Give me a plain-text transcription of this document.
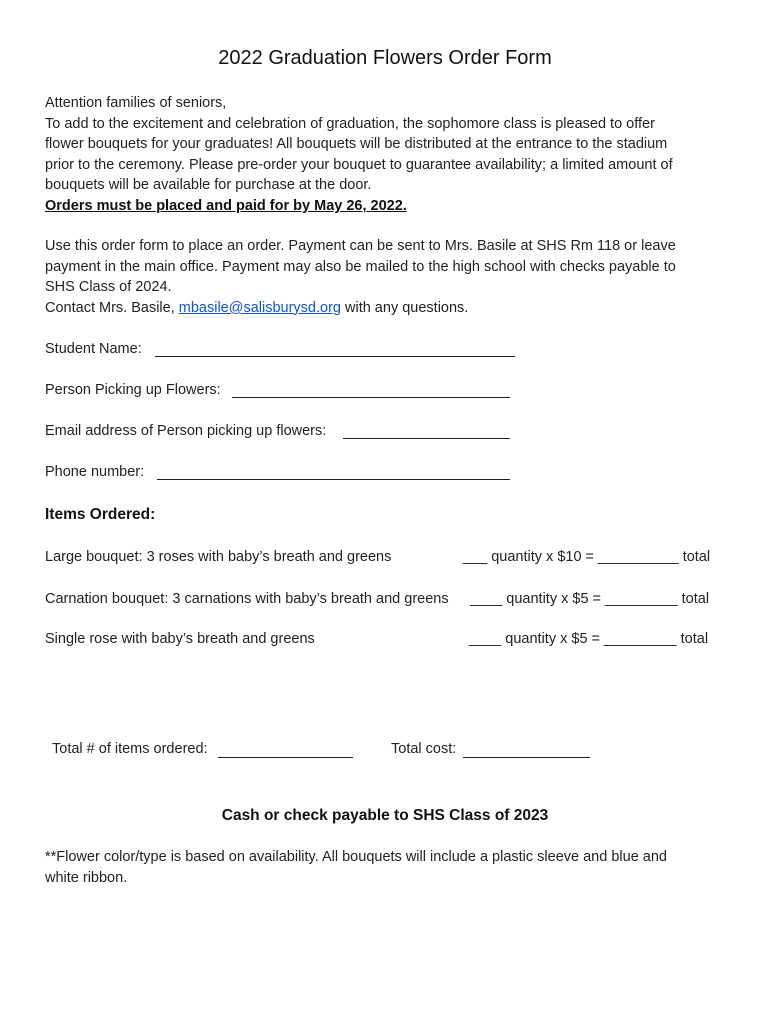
2022 Graduation Flowers Order Form
Attention families of seniors,
To add to the excitement and celebration of graduation, the sophomore class is pleased to offer
flower bouquets for your graduates! All bouquets will be distributed at the entrance to the stadium
prior to the ceremony. Please pre-order your bouquet to guarantee availability; a limited amount of
bouquets will be available for purchase at the door.
Orders must be placed and paid for by May 26, 2022.
Use this order form to place an order. Payment can be sent to Mrs. Basile at SHS Rm 118 or leave
payment in the main office. Payment may also be mailed to the high school with checks payable to
SHS Class of 2024.
Contact Mrs. Basile, mbasile@salisburysd.org with any questions.
Student Name:
Person Picking up Flowers:
Email address of Person picking up flowers:
Phone number:
Items Ordered:
Large bouquet: 3 roses with baby’s breath and greens	___ quantity x $10 = __________ total
Carnation bouquet: 3 carnations with baby’s breath and greens ____ quantity x $5 = _________ total
Single rose with baby’s breath and greens	____ quantity x $5 = _________ total
Total # of items ordered:	Total cost:
Cash or check payable to SHS Class of 2023
**Flower color/type is based on availability. All bouquets will include a plastic sleeve and blue and
white ribbon.
